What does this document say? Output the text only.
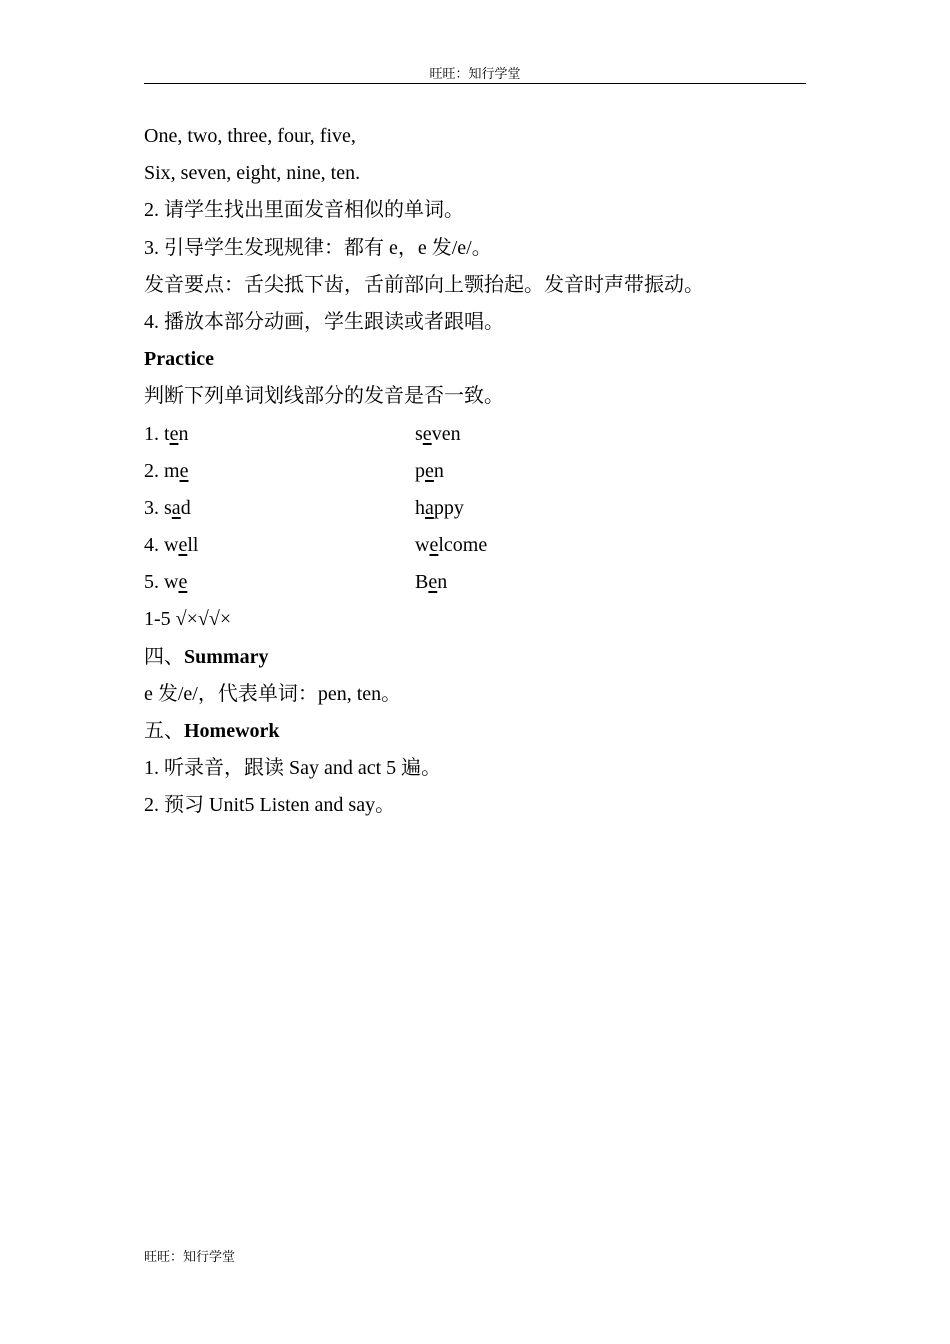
旺旺：知行学堂
One, two, three, four, five,
Six, seven, eight, nine, ten.
2. 请学生找出里面发音相似的单词。
3. 引导学生发现规律：都有 e，e 发/e/。
发音要点：舌尖抵下齿，舌前部向上颚抬起。发音时声带振动。
4. 播放本部分动画，学生跟读或者跟唱。
Practice
判断下列单词划线部分的发音是否一致。
1. ten	seven
2. me	pen
3. sad	happy
4. well	welcome
5. we	Ben
1-5 √×√√×
四、Summary
e 发/e/，代表单词：pen, ten。
五、Homework
1. 听录音，跟读 Say and act 5 遍。
2. 预习 Unit5 Listen and say。
旺旺：知行学堂
